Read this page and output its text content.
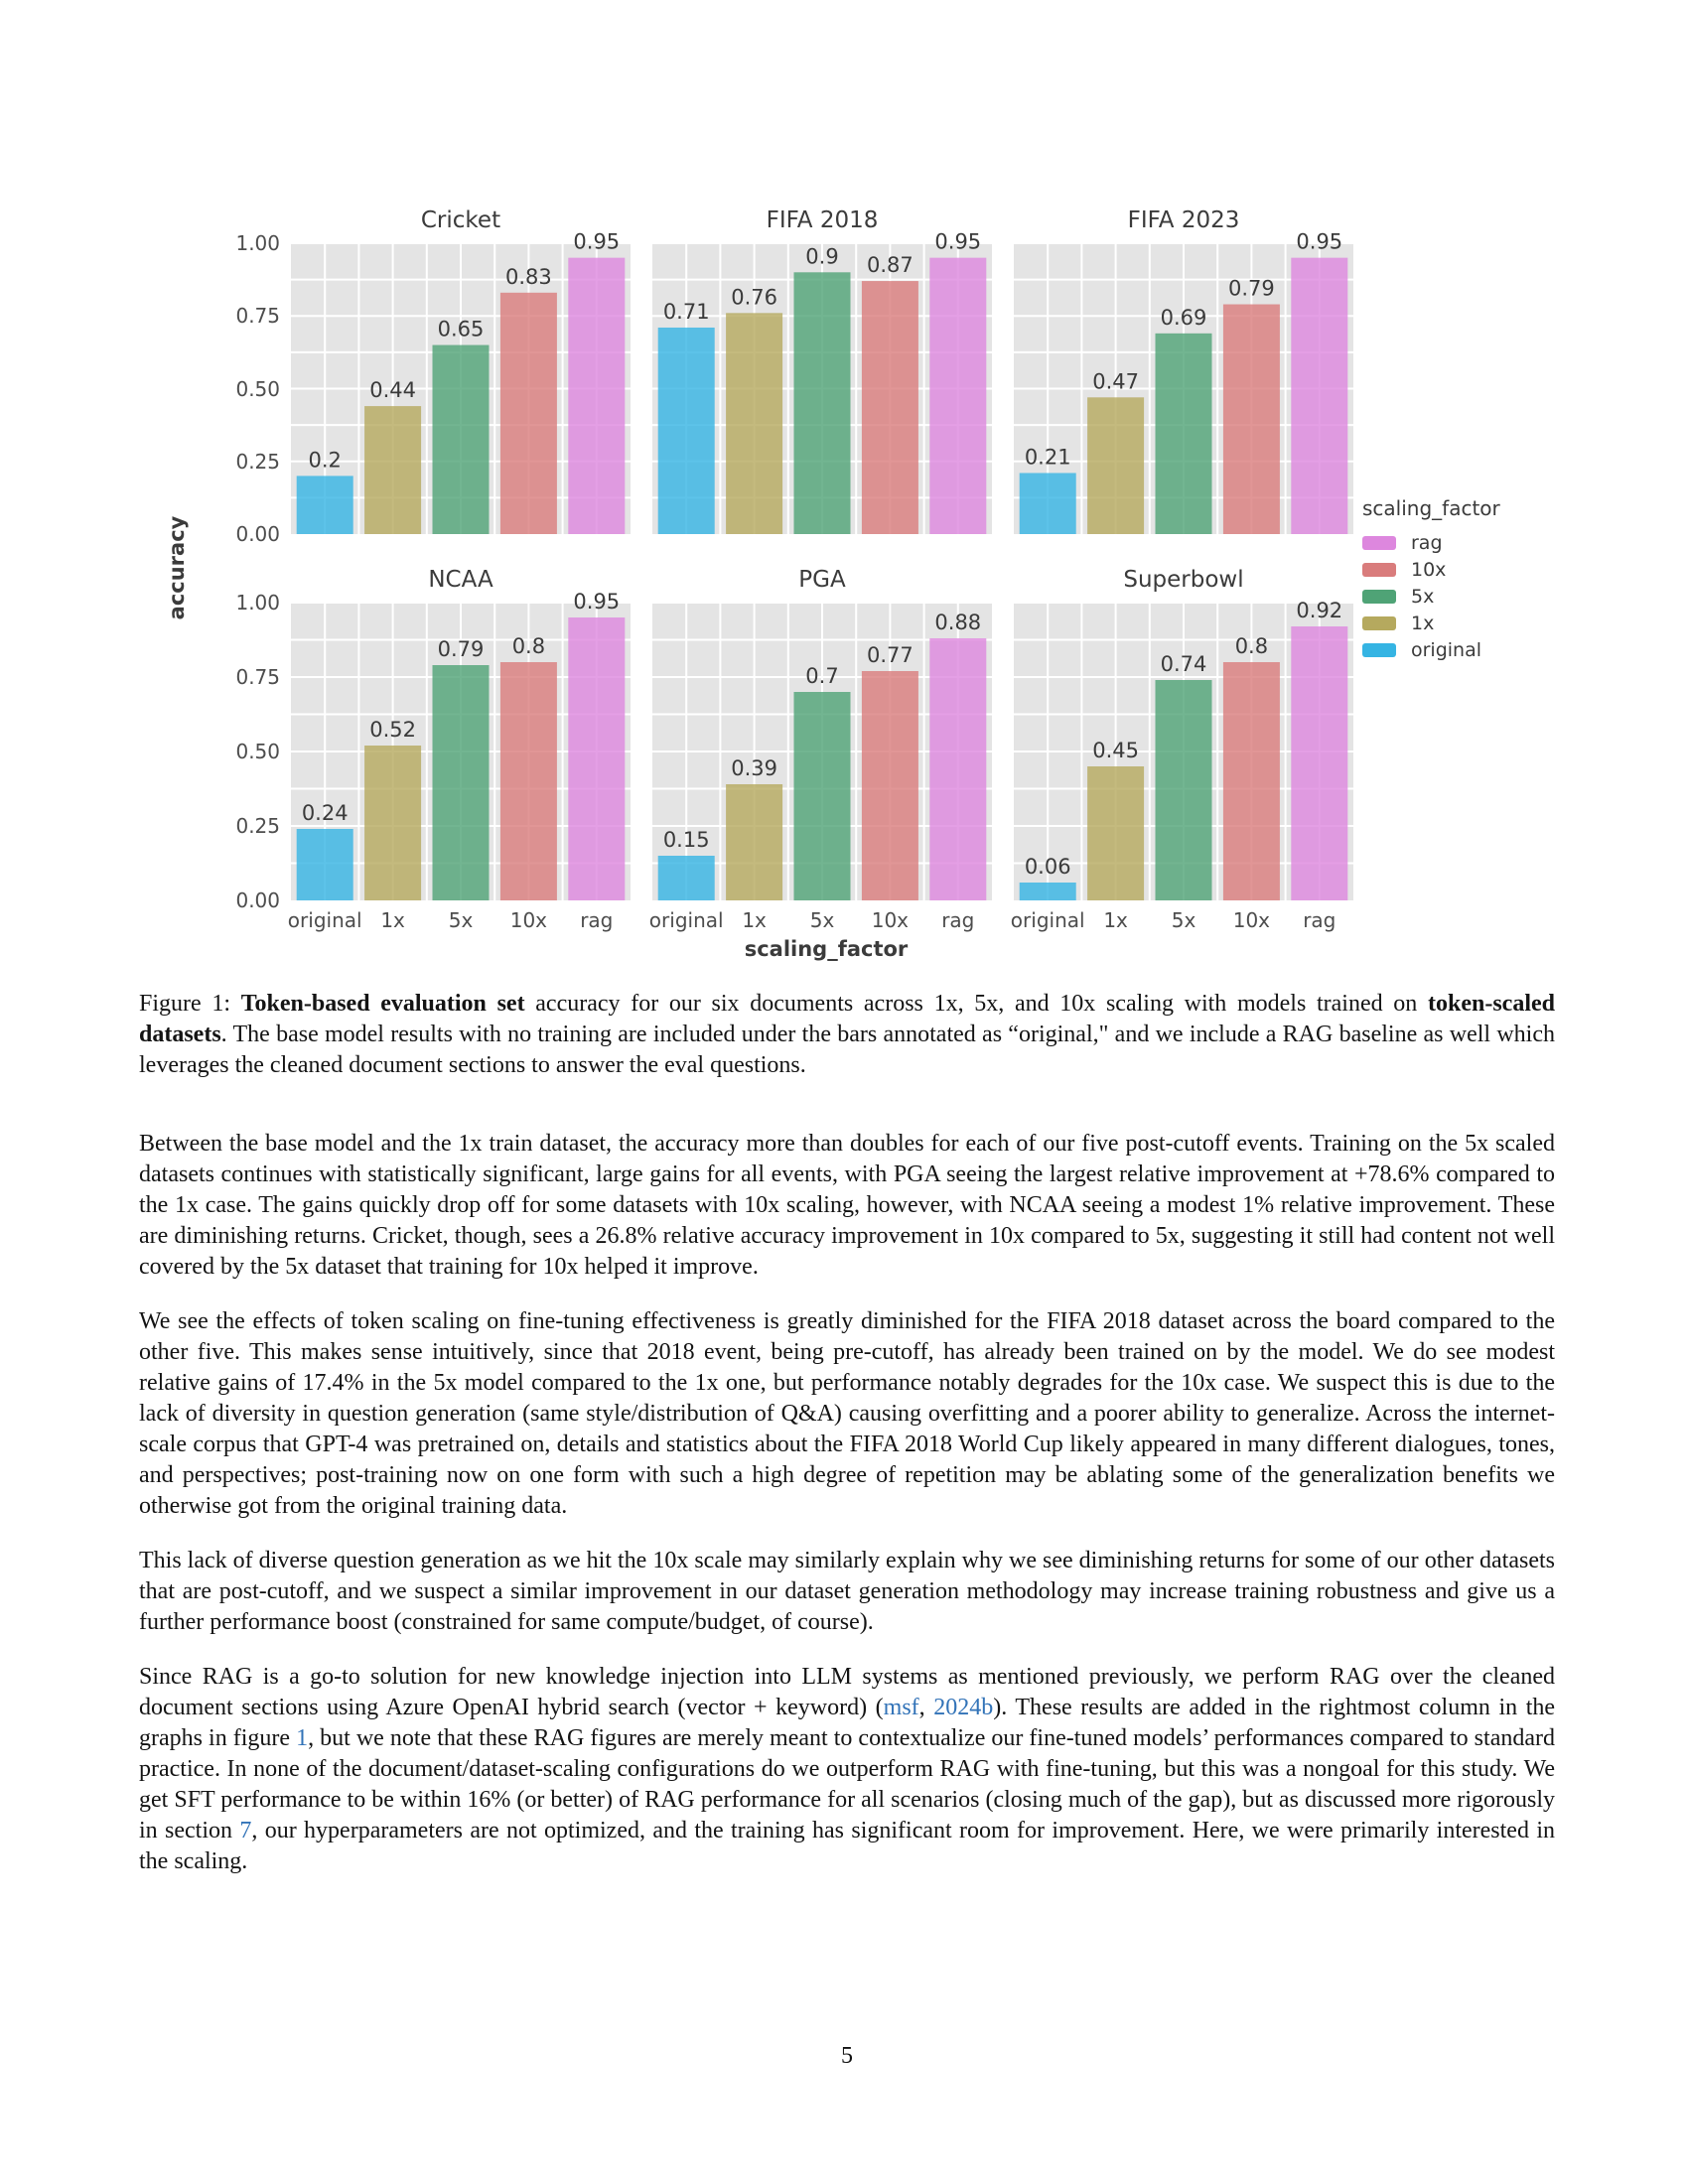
accuracy
scaling_factor
scaling_factor
rag
10x
5x
1x
original
Cricket
0.2
0.44
0.65
0.83
0.95
0.00
0.25
0.50
0.75
1.00
FIFA 2018
0.71
0.76
0.9 0.87
0.95
FIFA 2023
0.21
0.47
0.69
0.79
0.95
NCAA
0.24
0.52
0.79 0.8
0.95
0.00
0.25
0.50
0.75
1.00
original 1x	5x	10x	rag
PGA
0.15
0.39
0.7
0.77
0.88
original 1x	5x	10x	rag
Superbowl
0.06
0.45
0.74
0.8
0.92
original 1x	5x	10x	rag

Figure 1: Token-based evaluation set accuracy for our six documents across 1x, 5x, and 10x scaling with models trained on token-scaled datasets. The base model results with no training are included under the bars annotated as “original," and we include a RAG baseline as well which leverages the cleaned document sections to answer the eval questions.

Between the base model and the 1x train dataset, the accuracy more than doubles for each of our five post-cutoff events. Training on the 5x scaled datasets continues with statistically significant, large gains for all events, with PGA seeing the largest relative improvement at +78.6% compared to the 1x case. The gains quickly drop off for some datasets with 10x scaling, however, with NCAA seeing a modest 1% relative improvement. These are diminishing returns. Cricket, though, sees a 26.8% relative accuracy improvement in 10x compared to 5x, suggesting it still had content not well covered by the 5x dataset that training for 10x helped it improve.

We see the effects of token scaling on fine-tuning effectiveness is greatly diminished for the FIFA 2018 dataset across the board compared to the other five. This makes sense intuitively, since that 2018 event, being pre-cutoff, has already been trained on by the model. We do see modest relative gains of 17.4% in the 5x model compared to the 1x one, but performance notably degrades for the 10x case. We suspect this is due to the lack of diversity in question generation (same style/distribution of Q&A) causing overfitting and a poorer ability to generalize. Across the internet-scale corpus that GPT-4 was pretrained on, details and statistics about the FIFA 2018 World Cup likely appeared in many different dialogues, tones, and perspectives; post-training now on one form with such a high degree of repetition may be ablating some of the generalization benefits we otherwise got from the original training data.

This lack of diverse question generation as we hit the 10x scale may similarly explain why we see diminishing returns for some of our other datasets that are post-cutoff, and we suspect a similar improvement in our dataset generation methodology may increase training robustness and give us a further performance boost (constrained for same compute/budget, of course).

Since RAG is a go-to solution for new knowledge injection into LLM systems as mentioned previously, we perform RAG over the cleaned document sections using Azure OpenAI hybrid search (vector + keyword) (msf, 2024b). These results are added in the rightmost column in the graphs in figure 1, but we note that these RAG figures are merely meant to contextualize our fine-tuned models’ performances compared to standard practice. In none of the document/dataset-scaling configurations do we outperform RAG with fine-tuning, but this was a nongoal for this study. We get SFT performance to be within 16% (or better) of RAG performance for all scenarios (closing much of the gap), but as discussed more rigorously in section 7, our hyperparameters are not optimized, and the training has significant room for improvement. Here, we were primarily interested in the scaling.

5
